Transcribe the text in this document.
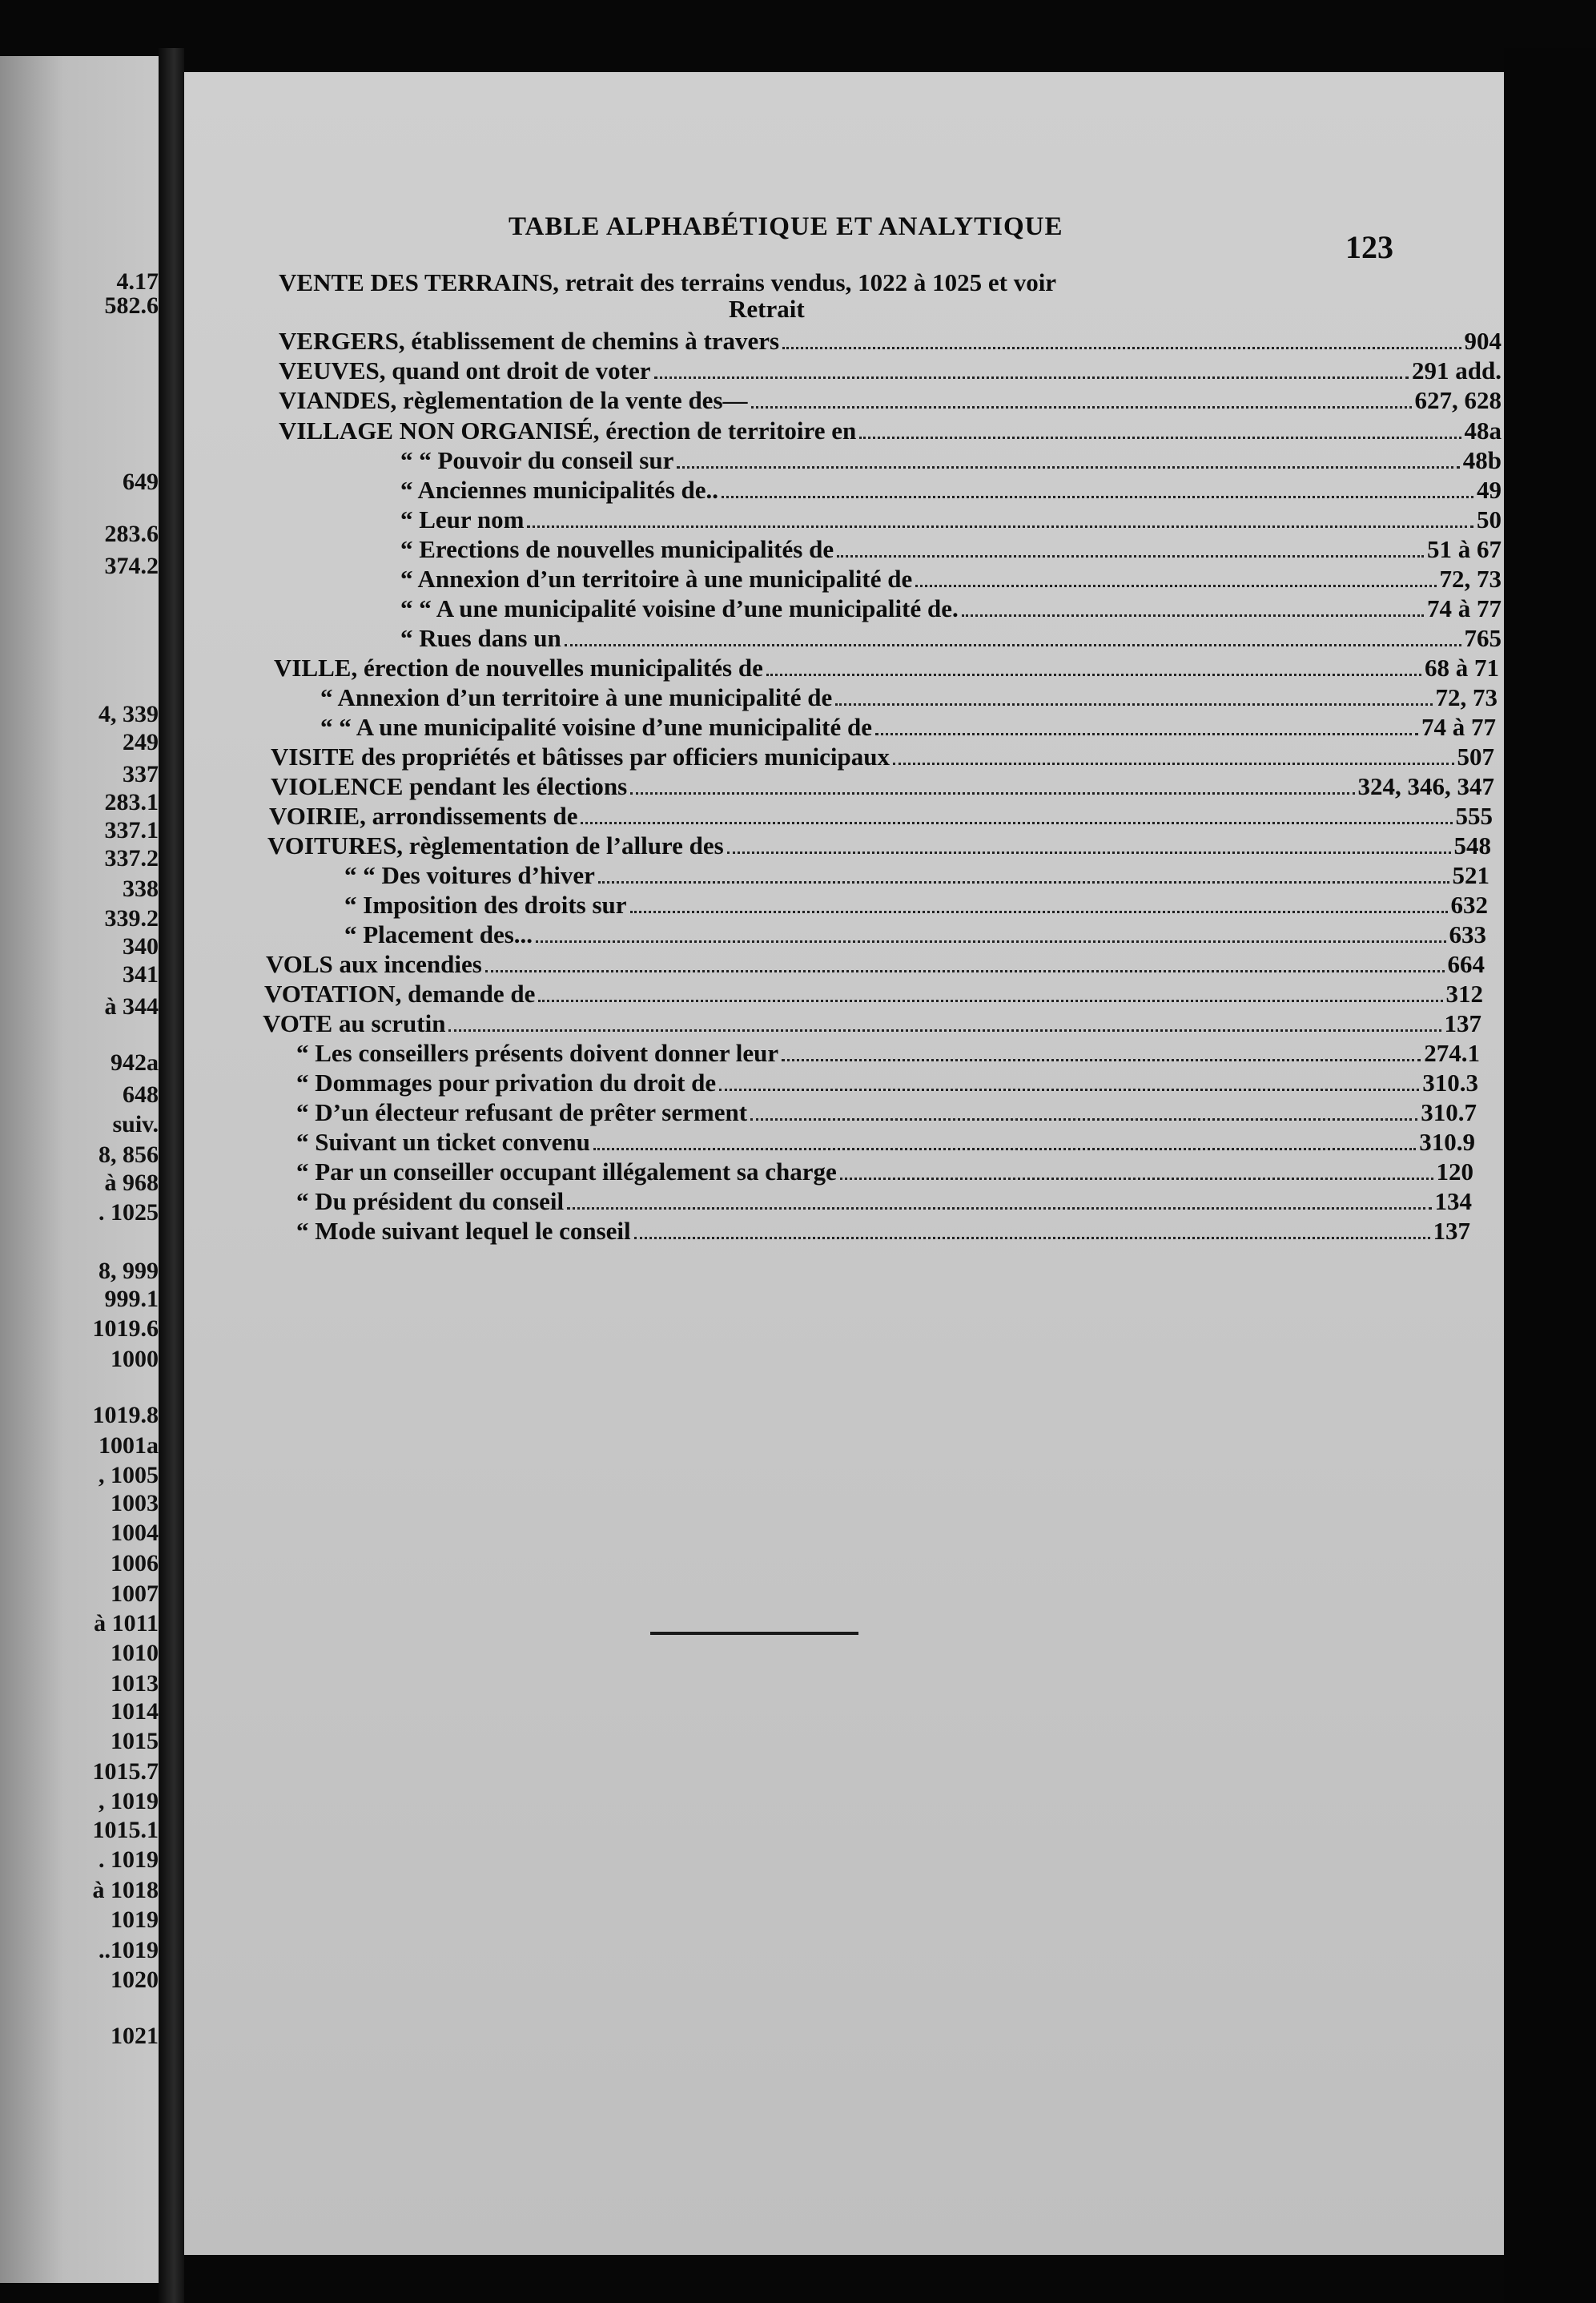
4.17
582.6
649
283.6
374.2
4, 339
249
337
283.1
337.1
337.2
338
339.2
340
341
à 344
942a
648
suiv.
8, 856
à 968
. 1025
8, 999
999.1
1019.6
1000
1019.8
1001a
, 1005
1003
1004
1006
1007
à 1011
1010
1013
1014
1015
1015.7
, 1019
1015.1
. 1019
à 1018
1019
..1019
1020
1021
TABLE ALPHABÉTIQUE ET ANALYTIQUE
123
Retrait
VENTE DES TERRAINS, retrait des terrains vendus, 1022 à 1025 et voir
VERGERS, établissement de chemins à travers	904
VEUVES, quand ont droit de voter	291 add.
VIANDES, règlementation de la vente des—	627, 628
VILLAGE NON ORGANISÉ, érection de territoire en	48a
“ “ Pouvoir du conseil sur	48b
“ Anciennes municipalités de..	49
“ Leur nom	50
“ Erections de nouvelles municipalités de	51 à 67
“ Annexion d’un territoire à une municipalité de	72, 73
“ “ A une municipalité voisine d’une municipalité de.	74 à 77
“ Rues dans un	765
VILLE, érection de nouvelles municipalités de	68 à 71
“ Annexion d’un territoire à une municipalité de	72, 73
“ “ A une municipalité voisine d’une municipalité de	74 à 77
VISITE des propriétés et bâtisses par officiers municipaux	507
VIOLENCE pendant les élections	324, 346, 347
VOIRIE, arrondissements de	555
VOITURES, règlementation de l’allure des	548
“ “ Des voitures d’hiver	521
“ Imposition des droits sur	632
“ Placement des...	633
VOLS aux incendies	664
VOTATION, demande de	312
VOTE au scrutin	137
“ Les conseillers présents doivent donner leur	274.1
“ Dommages pour privation du droit de	310.3
“ D’un électeur refusant de prêter serment	310.7
“ Suivant un ticket convenu	310.9
“ Par un conseiller occupant illégalement sa charge	120
“ Du président du conseil	134
“ Mode suivant lequel le conseil	137
